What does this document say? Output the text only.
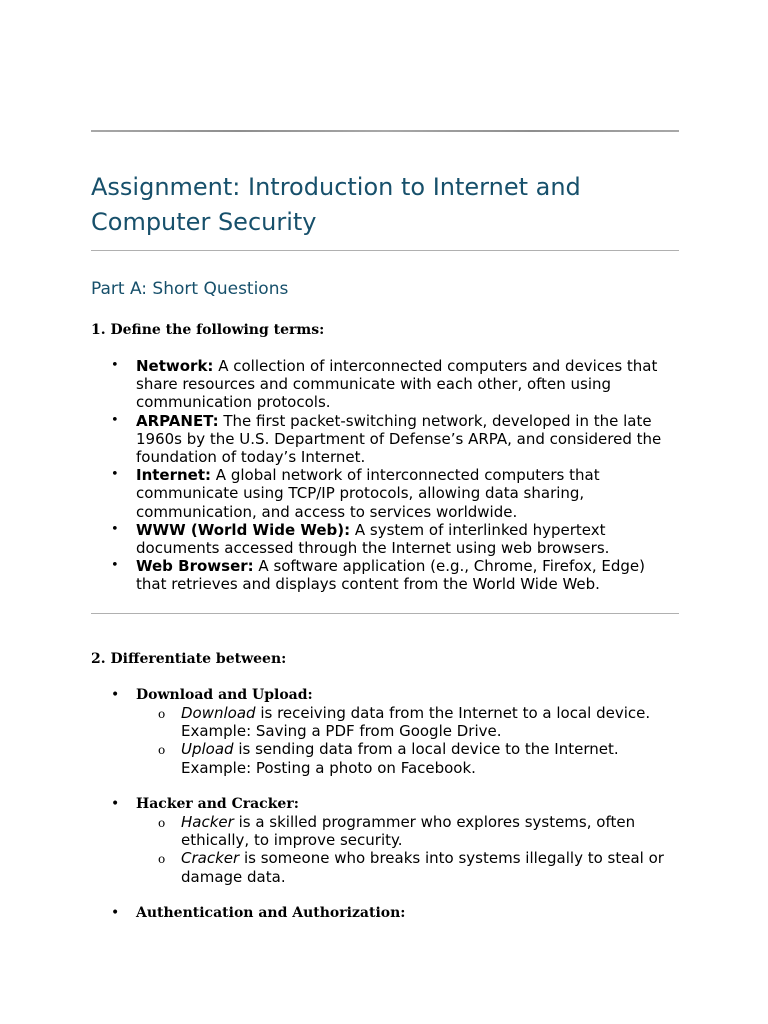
Assignment: Introduction to Internet and Computer Security
Part A: Short Questions

1. Define the following terms:

• Network: A collection of interconnected computers and devices that share resources and communicate with each other, often using communication protocols.
• ARPANET: The first packet-switching network, developed in the late 1960s by the U.S. Department of Defense’s ARPA, and considered the foundation of today’s Internet.
• Internet: A global network of interconnected computers that communicate using TCP/IP protocols, allowing data sharing, communication, and access to services worldwide.
• WWW (World Wide Web): A system of interlinked hypertext documents accessed through the Internet using web browsers.
• Web Browser: A software application (e.g., Chrome, Firefox, Edge) that retrieves and displays content from the World Wide Web.

2. Differentiate between:

• Download and Upload:

o Download is receiving data from the Internet to a local device. Example: Saving a PDF from Google Drive.
o Upload is sending data from a local device to the Internet. Example: Posting a photo on Facebook.

• Hacker and Cracker:

o Hacker is a skilled programmer who explores systems, often ethically, to improve security.
o Cracker is someone who breaks into systems illegally to steal or damage data.

• Authentication and Authorization:
